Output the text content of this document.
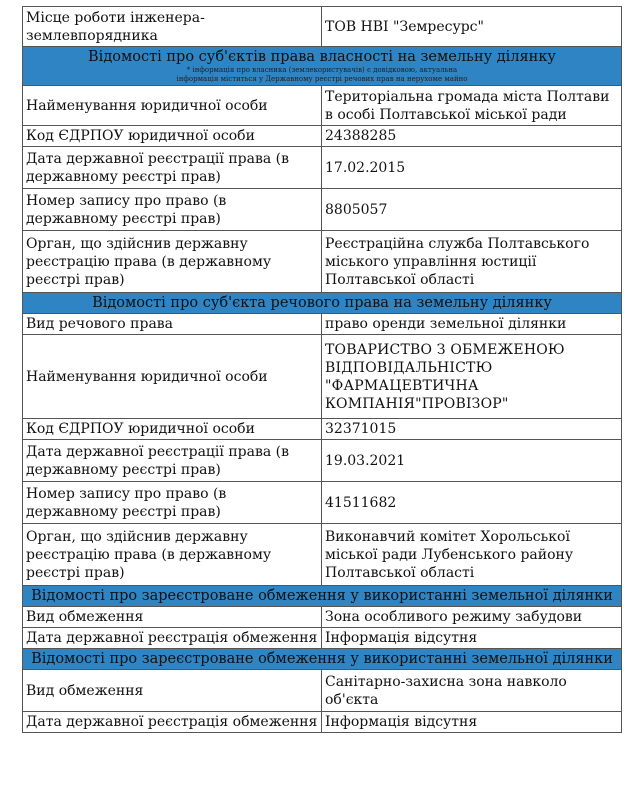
Місце роботи інженера-землевпорядника	ТОВ НВІ "Земресурс"

Відомості про суб'єктів права власності на земельну ділянку
* інформація про власника (землекористувачів) є довідковою, актуальна
інформація міститься у Державному реєстрі речових прав на нерухоме майно	

Найменування юридичної особи	Територіальна громада міста Полтави в особі Полтавської міської ради
Код ЄДРПОУ юридичної особи	24388285
Дата державної реєстрації права (в державному реєстрі прав)	17.02.2015
Номер запису про право (в державному реєстрі прав)	8805057
Орган, що здійснив державну реєстрацію права (в державному реєстрі прав)	Реєстраційна служба Полтавського міського управління юстиції Полтавської області
Відомості про суб'єкта речового права на земельну ділянку	
Вид речового права	право оренди земельної ділянки
Найменування юридичної особи	ТОВАРИСТВО З ОБМЕЖЕНОЮ ВІДПОВІДАЛЬНІСТЮ "ФАРМАЦЕВТИЧНА КОМПАНІЯ"ПРОВІЗОР"
Код ЄДРПОУ юридичної особи	32371015
Дата державної реєстрації права (в державному реєстрі прав)	19.03.2021
Номер запису про право (в державному реєстрі прав)	41511682
Орган, що здійснив державну реєстрацію права (в державному реєстрі прав)	Виконавчий комітет Хорольської міської ради Лубенського району Полтавської області
Відомості про зареєстроване обмеження у використанні земельної ділянки	
Вид обмеження	Зона особливого режиму забудови
Дата державної реєстрація обмеження	Інформація відсутня
Відомості про зареєстроване обмеження у використанні земельної ділянки	
Вид обмеження	Санітарно-захисна зона навколо об'єкта
Дата державної реєстрація обмеження	Інформація відсутня
